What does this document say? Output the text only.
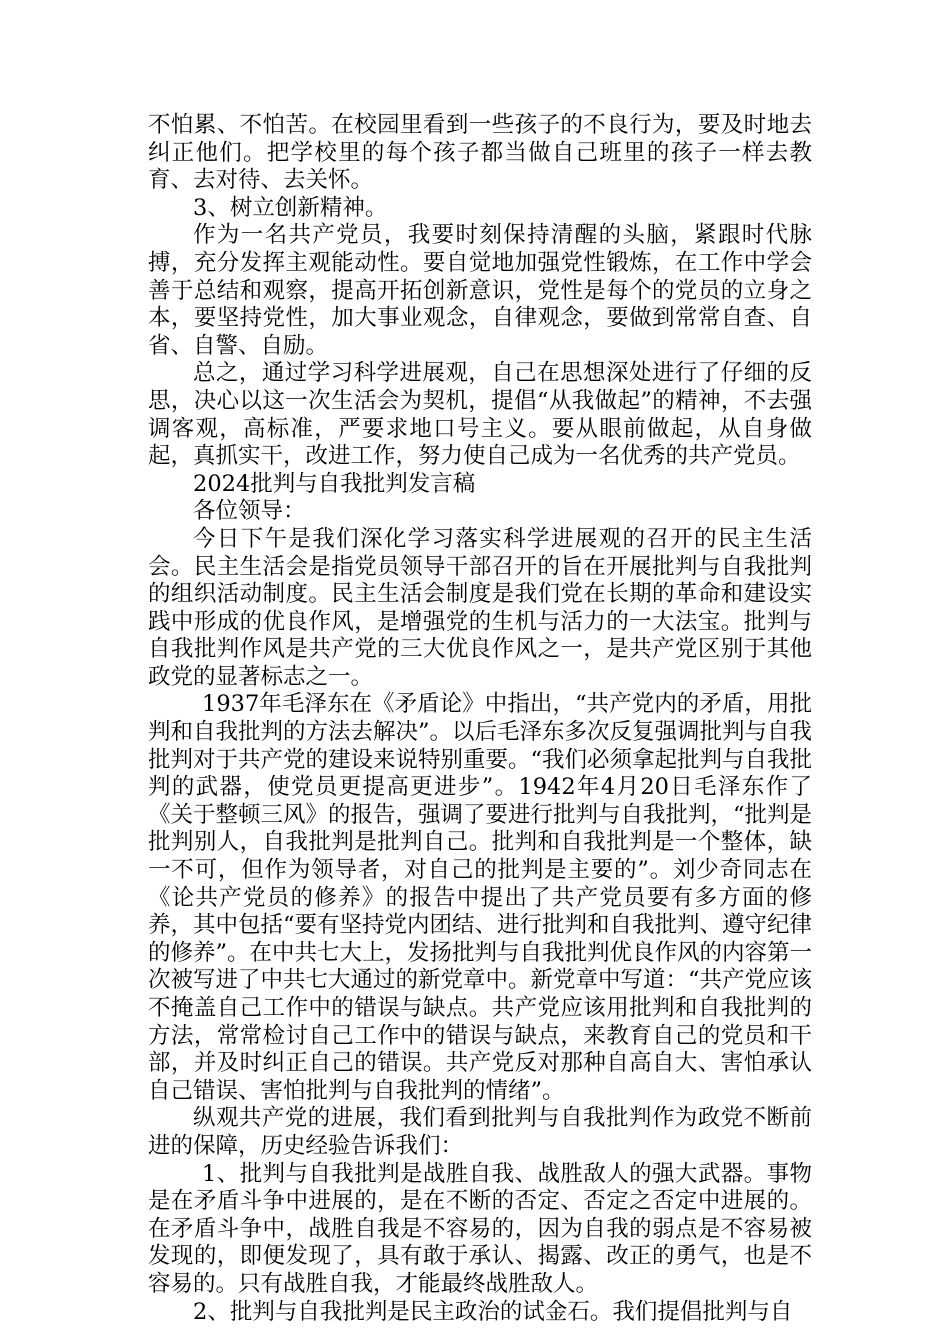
不怕累、不怕苦。在校园里看到一些孩子的不良行为，要及时地去纠正他们。把学校里的每个孩子都当做自己班里的孩子一样去教育、去对待、去关怀。

3、树立创新精神。

作为一名共产党员，我要时刻保持清醒的头脑，紧跟时代脉搏，充分发挥主观能动性。要自觉地加强党性锻炼，在工作中学会善于总结和观察，提高开拓创新意识，党性是每个的党员的立身之本，要坚持党性，加大事业观念，自律观念，要做到常常自查、自省、自警、自励。

总之，通过学习科学进展观，自己在思想深处进行了仔细的反思，决心以这一次生活会为契机，提倡“从我做起”的精神，不去强调客观，高标准，严要求地口号主义。要从眼前做起，从自身做起，真抓实干，改进工作，努力使自己成为一名优秀的共产党员。

2024批判与自我批判发言稿

各位领导：

今日下午是我们深化学习落实科学进展观的召开的民主生活会。民主生活会是指党员领导干部召开的旨在开展批判与自我批判的组织活动制度。民主生活会制度是我们党在长期的革命和建设实践中形成的优良作风，是增强党的生机与活力的一大法宝。批判与自我批判作风是共产党的三大优良作风之一，是共产党区别于其他政党的显著标志之一。

1937年毛泽东在《矛盾论》中指出，“共产党内的矛盾，用批判和自我批判的方法去解决”。以后毛泽东多次反复强调批判与自我批判对于共产党的建设来说特别重要。“我们必须拿起批判与自我批判的武器，使党员更提高更进步”。1942年4月20日毛泽东作了《关于整顿三风》的报告，强调了要进行批判与自我批判，“批判是批判别人，自我批判是批判自己。批判和自我批判是一个整体，缺一不可，但作为领导者，对自己的批判是主要的”。刘少奇同志在《论共产党员的修养》的报告中提出了共产党员要有多方面的修养，其中包括“要有坚持党内团结、进行批判和自我批判、遵守纪律的修养”。在中共七大上，发扬批判与自我批判优良作风的内容第一次被写进了中共七大通过的新党章中。新党章中写道：“共产党应该不掩盖自己工作中的错误与缺点。共产党应该用批判和自我批判的方法，常常检讨自己工作中的错误与缺点，来教育自己的党员和干部，并及时纠正自己的错误。共产党反对那种自高自大、害怕承认自己错误、害怕批判与自我批判的情绪”。

纵观共产党的进展，我们看到批判与自我批判作为政党不断前进的保障，历史经验告诉我们：

1、批判与自我批判是战胜自我、战胜敌人的强大武器。事物是在矛盾斗争中进展的，是在不断的否定、否定之否定中进展的。在矛盾斗争中，战胜自我是不容易的，因为自我的弱点是不容易被发现的，即便发现了，具有敢于承认、揭露、改正的勇气，也是不容易的。只有战胜自我，才能最终战胜敌人。

2、批判与自我批判是民主政治的试金石。我们提倡批判与自
